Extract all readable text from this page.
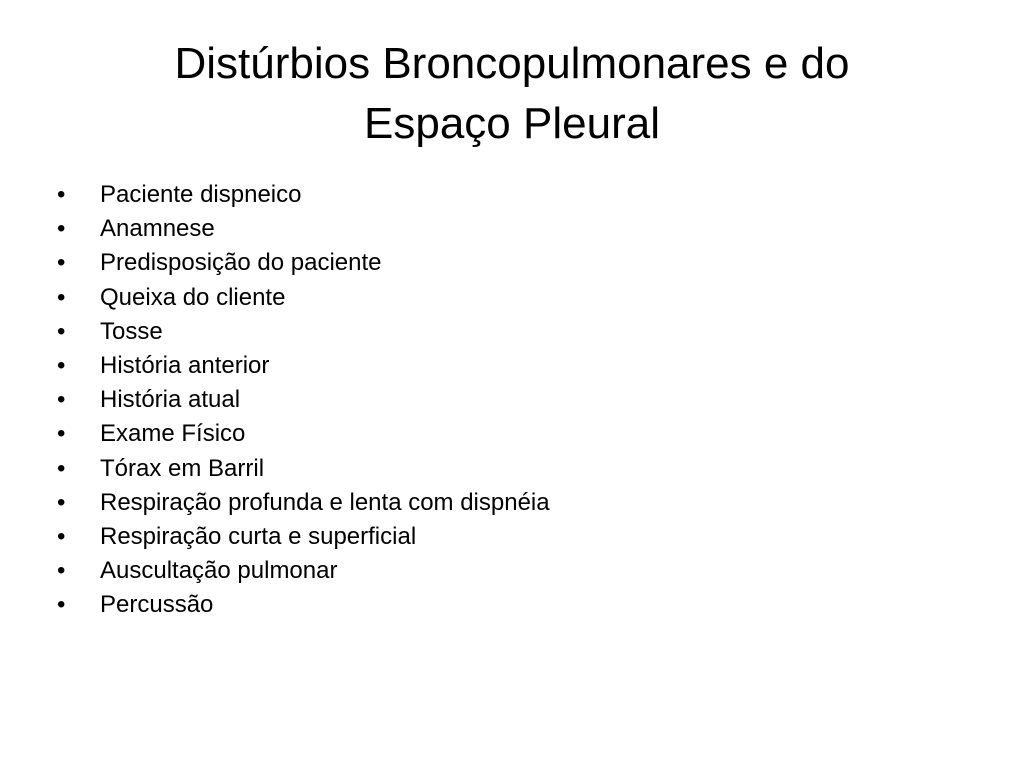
Distúrbios Broncopulmonares e do
Espaço Pleural
•	Paciente dispneico
•	Anamnese
•	Predisposição do paciente
•	Queixa do cliente
•	Tosse
•	História anterior
•	História atual
•	Exame Físico
•	Tórax em Barril
•	Respiração profunda e lenta com dispnéia
•	Respiração curta e superficial
•	Auscultação pulmonar
•	Percussão
